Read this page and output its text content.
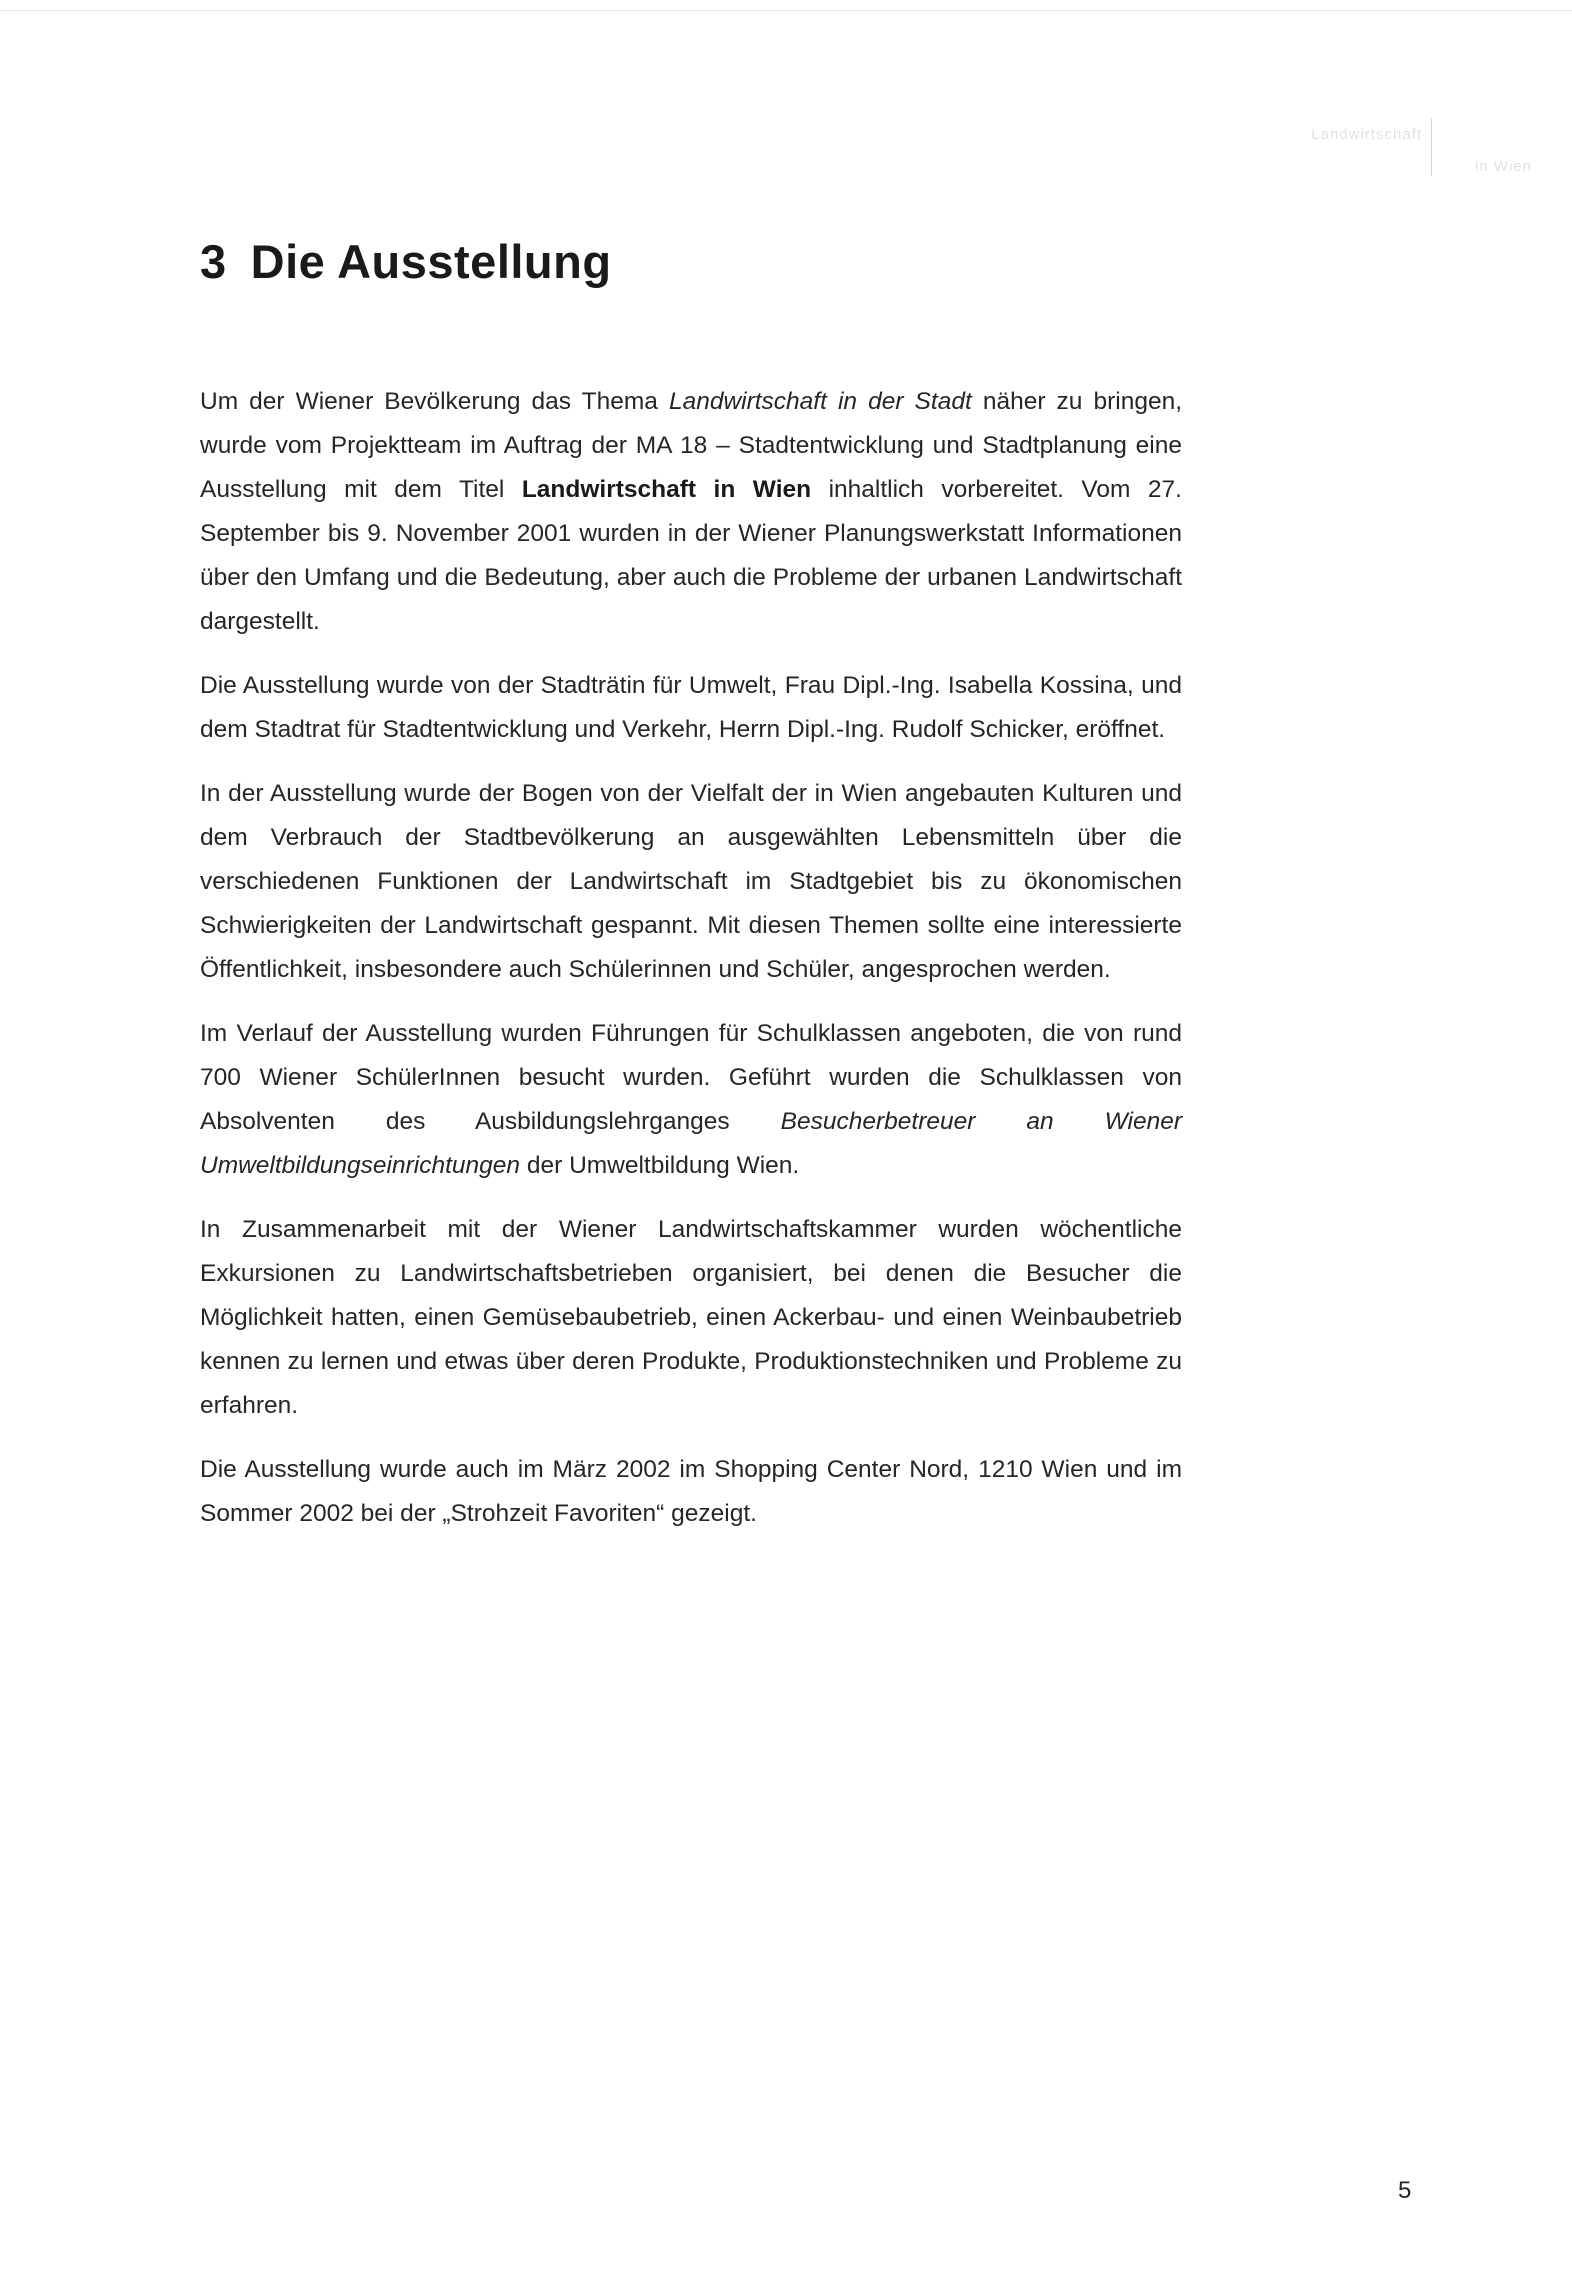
Landwirtschaft
in Wien
3 Die Ausstellung

Um der Wiener Bevölkerung das Thema Landwirtschaft in der Stadt näher zu bringen, wurde vom Projektteam im Auftrag der MA 18 – Stadtentwicklung und Stadtplanung eine Ausstellung mit dem Titel Landwirtschaft in Wien inhaltlich vorbereitet. Vom 27. September bis 9. November 2001 wurden in der Wiener Planungswerkstatt Informationen über den Umfang und die Bedeutung, aber auch die Probleme der urbanen Landwirtschaft dargestellt.

Die Ausstellung wurde von der Stadträtin für Umwelt, Frau Dipl.-Ing. Isabella Kossina, und dem Stadtrat für Stadtentwicklung und Verkehr, Herrn Dipl.-Ing. Rudolf Schicker, eröffnet.

In der Ausstellung wurde der Bogen von der Vielfalt der in Wien angebauten Kulturen und dem Verbrauch der Stadtbevölkerung an ausgewählten Lebensmitteln über die verschiedenen Funktionen der Landwirtschaft im Stadtgebiet bis zu ökonomischen Schwierigkeiten der Landwirtschaft gespannt. Mit diesen Themen sollte eine interessierte Öffentlichkeit, insbesondere auch Schülerinnen und Schüler, angesprochen werden.

Im Verlauf der Ausstellung wurden Führungen für Schulklassen angeboten, die von rund 700 Wiener SchülerInnen besucht wurden. Geführt wurden die Schulklassen von Absolventen des Ausbildungslehrganges Besucherbetreuer an Wiener Umweltbildungseinrichtungen der Umweltbildung Wien.

In Zusammenarbeit mit der Wiener Landwirtschaftskammer wurden wöchentliche Exkursionen zu Landwirtschaftsbetrieben organisiert, bei denen die Besucher die Möglichkeit hatten, einen Gemüsebaubetrieb, einen Ackerbau- und einen Weinbaubetrieb kennen zu lernen und etwas über deren Produkte, Produktionstechniken und Probleme zu erfahren.

Die Ausstellung wurde auch im März 2002 im Shopping Center Nord, 1210 Wien und im Sommer 2002 bei der „Strohzeit Favoriten“ gezeigt.

5
